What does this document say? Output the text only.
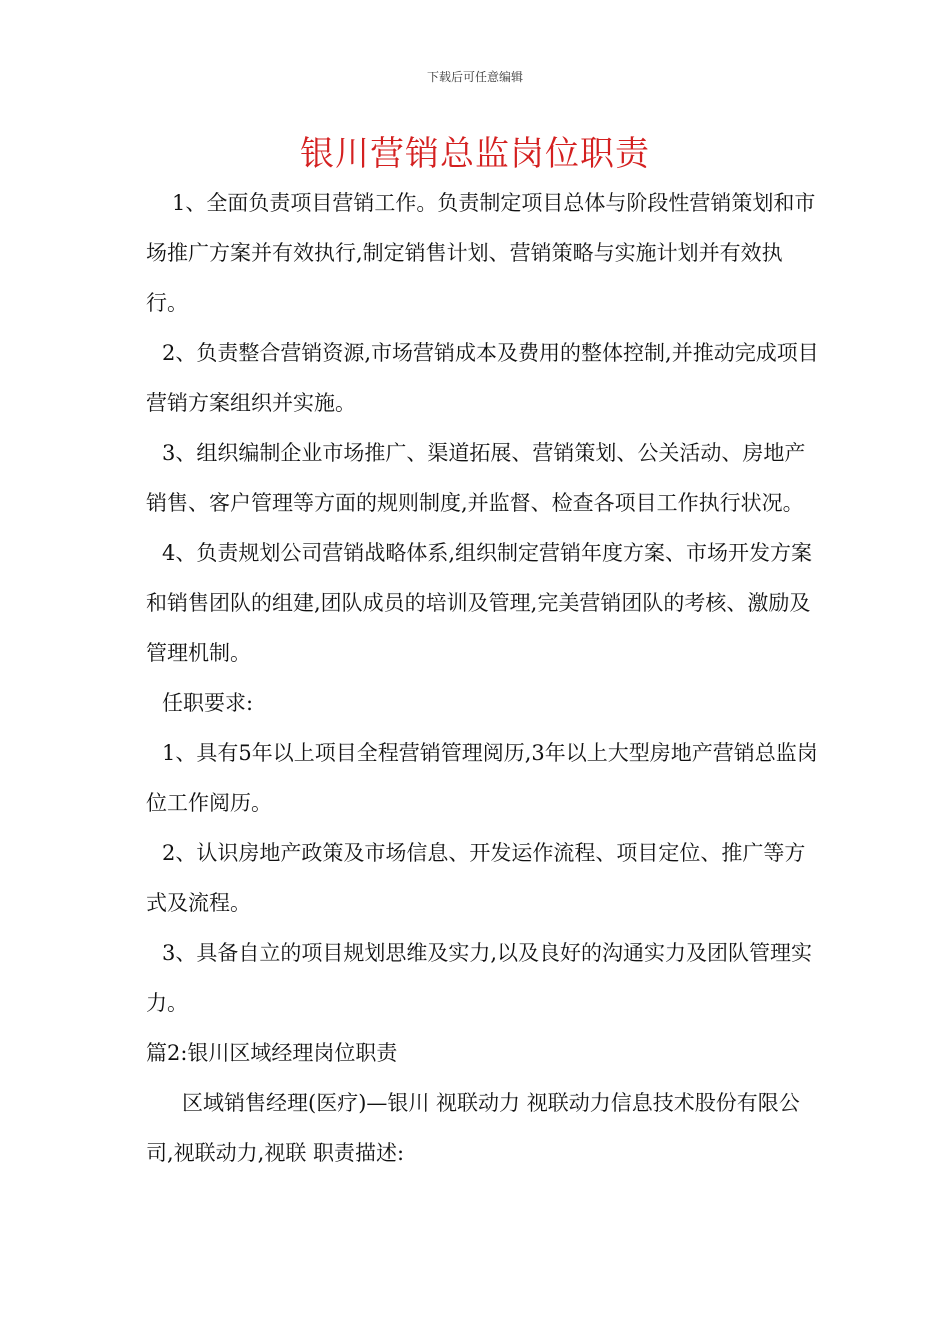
下载后可任意编辑
银川营销总监岗位职责

1、全面负责项目营销工作。负责制定项目总体与阶段性营销策划和市场推广方案并有效执行,制定销售计划、营销策略与实施计划并有效执行。

2、负责整合营销资源,市场营销成本及费用的整体控制,并推动完成项目营销方案组织并实施。

3、组织编制企业市场推广、渠道拓展、营销策划、公关活动、房地产销售、客户管理等方面的规则制度,并监督、检查各项目工作执行状况。

4、负责规划公司营销战略体系,组织制定营销年度方案、市场开发方案和销售团队的组建,团队成员的培训及管理,完美营销团队的考核、激励及管理机制。

任职要求:

1、具有5年以上项目全程营销管理阅历,3年以上大型房地产营销总监岗位工作阅历。

2、认识房地产政策及市场信息、开发运作流程、项目定位、推广等方式及流程。

3、具备自立的项目规划思维及实力,以及良好的沟通实力及团队管理实力。

篇2:银川区域经理岗位职责

区域销售经理(医疗)—银川 视联动力 视联动力信息技术股份有限公司,视联动力,视联 职责描述:
